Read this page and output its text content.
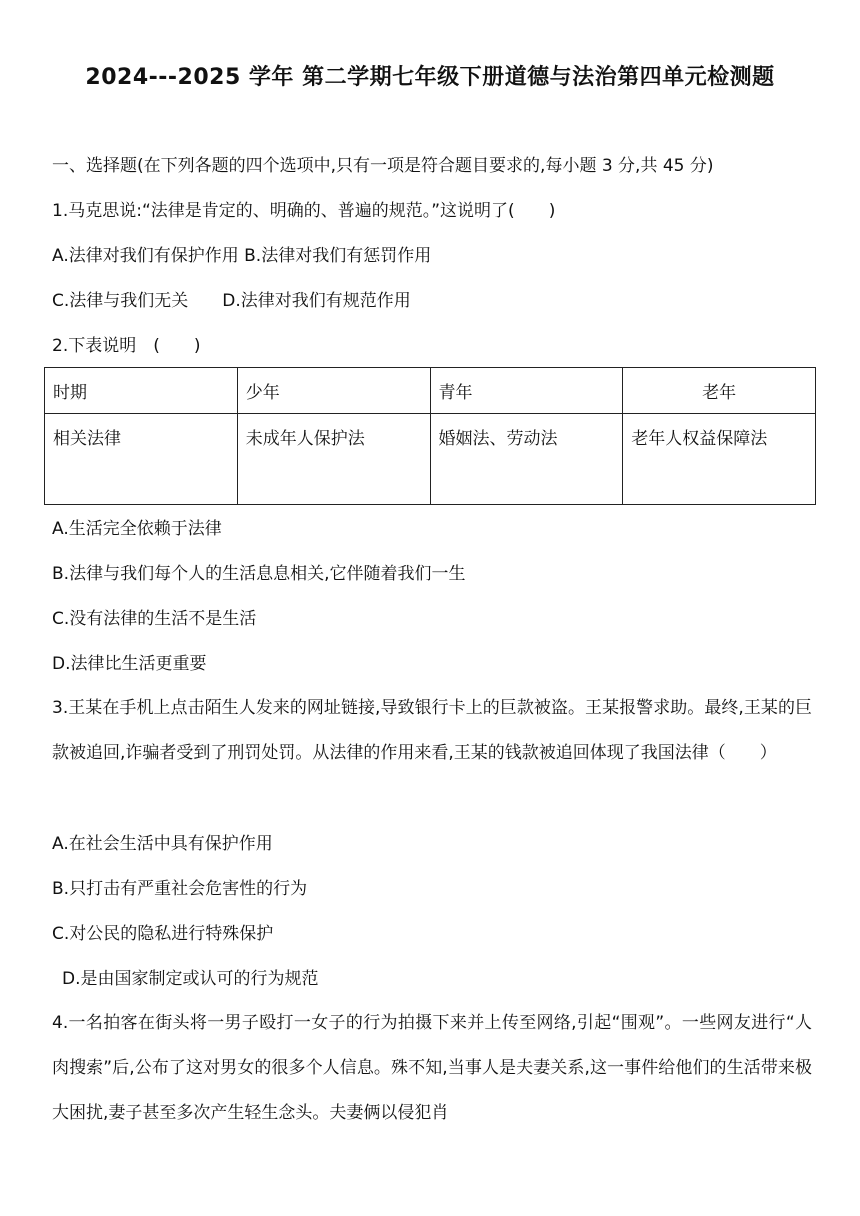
2024---2025 学年 第二学期七年级下册道德与法治第四单元检测题
一、选择题(在下列各题的四个选项中,只有一项是符合题目要求的,每小题 3 分,共 45 分)
1.马克思说:“法律是肯定的、明确的、普遍的规范。”这说明了(　　)
A.法律对我们有保护作用 B.法律对我们有惩罚作用
C.法律与我们无关　　D.法律对我们有规范作用
2.下表说明　(　　)
时期	少年	青年	老年
相关法律	未成年人保护法	婚姻法、劳动法	老年人权益保障法
A.生活完全依赖于法律
B.法律与我们每个人的生活息息相关,它伴随着我们一生
C.没有法律的生活不是生活
D.法律比生活更重要
3.王某在手机上点击陌生人发来的网址链接,导致银行卡上的巨款被盗。王某报警求助。最终,王某的巨款被追回,诈骗者受到了刑罚处罚。从法律的作用来看,王某的钱款被追回体现了我国法律（　　）
A.在社会生活中具有保护作用
B.只打击有严重社会危害性的行为
C.对公民的隐私进行特殊保护
D.是由国家制定或认可的行为规范
4.一名拍客在街头将一男子殴打一女子的行为拍摄下来并上传至网络,引起“围观”。一些网友进行“人肉搜索”后,公布了这对男女的很多个人信息。殊不知,当事人是夫妻关系,这一事件给他们的生活带来极大困扰,妻子甚至多次产生轻生念头。夫妻俩以侵犯肖
